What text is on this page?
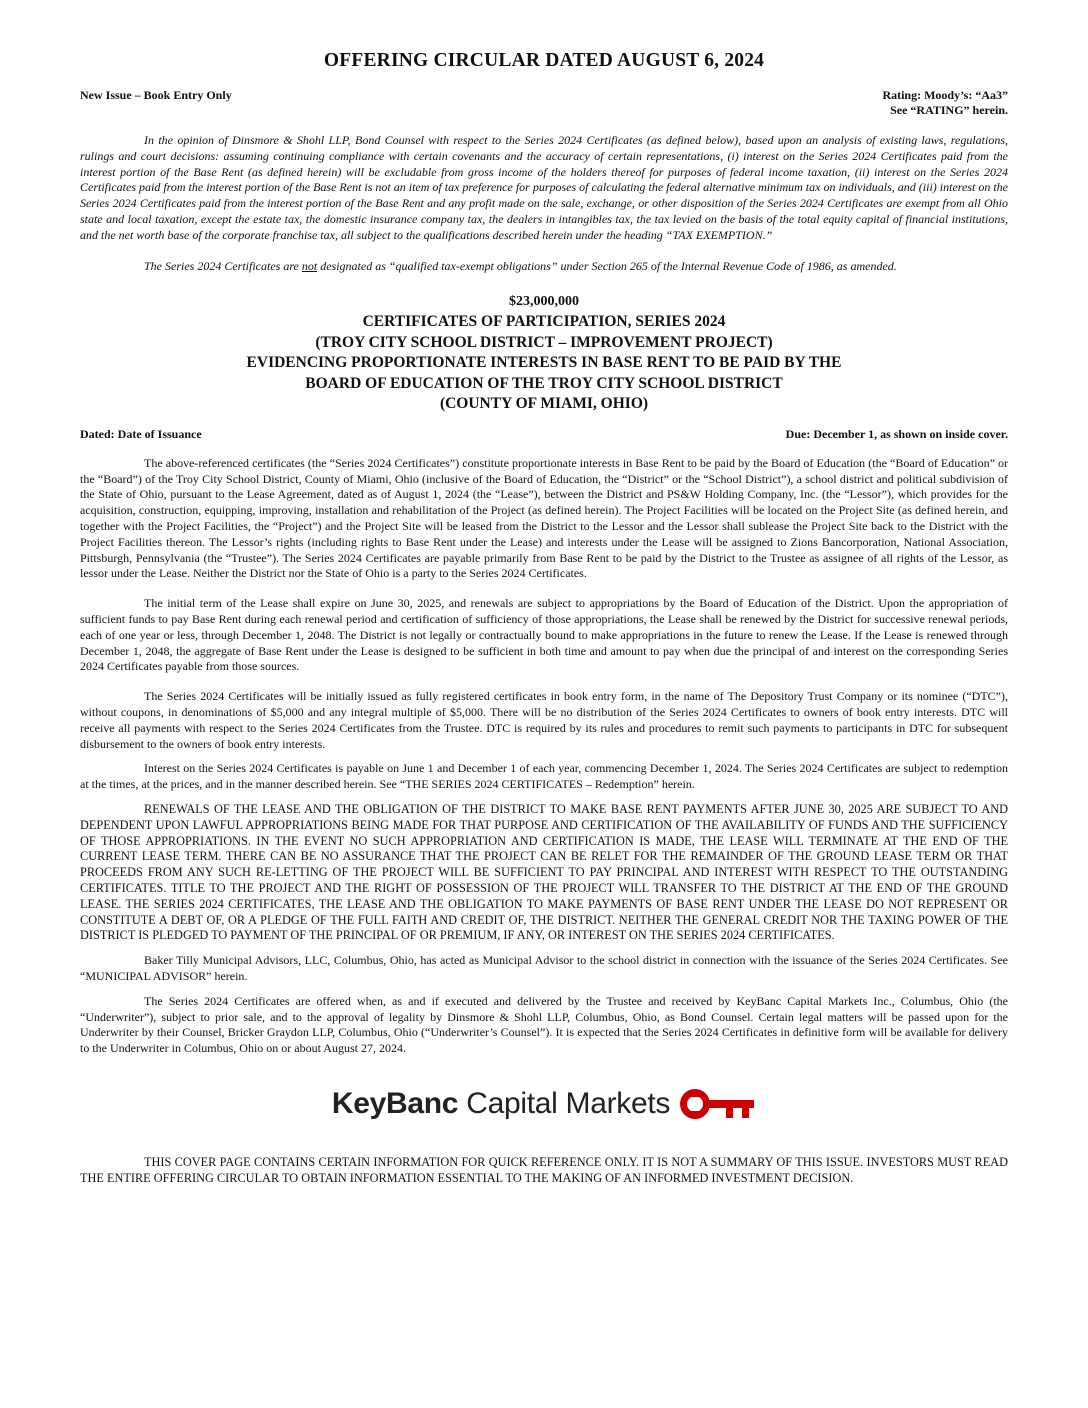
OFFERING CIRCULAR DATED AUGUST 6, 2024
New Issue – Book Entry Only	Rating: Moody’s: “Aa3”
See “RATING” herein.

In the opinion of Dinsmore & Shohl LLP, Bond Counsel with respect to the Series 2024 Certificates (as defined below), based upon an analysis of existing laws, regulations, rulings and court decisions: assuming continuing compliance with certain covenants and the accuracy of certain representations, (i) interest on the Series 2024 Certificates paid from the interest portion of the Base Rent (as defined herein) will be excludable from gross income of the holders thereof for purposes of federal income taxation, (ii) interest on the Series 2024 Certificates paid from the interest portion of the Base Rent is not an item of tax preference for purposes of calculating the federal alternative minimum tax on individuals, and (iii) interest on the Series 2024 Certificates paid from the interest portion of the Base Rent and any profit made on the sale, exchange, or other disposition of the Series 2024 Certificates are exempt from all Ohio state and local taxation, except the estate tax, the domestic insurance company tax, the dealers in intangibles tax, the tax levied on the basis of the total equity capital of financial institutions, and the net worth base of the corporate franchise tax, all subject to the qualifications described herein under the heading “TAX EXEMPTION.”

The Series 2024 Certificates are not designated as “qualified tax-exempt obligations” under Section 265 of the Internal Revenue Code of 1986, as amended.

$23,000,000
CERTIFICATES OF PARTICIPATION, SERIES 2024
(TROY CITY SCHOOL DISTRICT – IMPROVEMENT PROJECT)
EVIDENCING PROPORTIONATE INTERESTS IN BASE RENT TO BE PAID BY THE
BOARD OF EDUCATION OF THE TROY CITY SCHOOL DISTRICT
(COUNTY OF MIAMI, OHIO)
Dated: Date of Issuance	Due: December 1, as shown on inside cover.

The above-referenced certificates (the “Series 2024 Certificates”) constitute proportionate interests in Base Rent to be paid by the Board of Education (the “Board of Education” or the “Board”) of the Troy City School District, County of Miami, Ohio (inclusive of the Board of Education, the “District” or the “School District”), a school district and political subdivision of the State of Ohio, pursuant to the Lease Agreement, dated as of August 1, 2024 (the “Lease”), between the District and PS&W Holding Company, Inc. (the “Lessor”), which provides for the acquisition, construction, equipping, improving, installation and rehabilitation of the Project (as defined herein). The Project Facilities will be located on the Project Site (as defined herein, and together with the Project Facilities, the “Project”) and the Project Site will be leased from the District to the Lessor and the Lessor shall sublease the Project Site back to the District with the Project Facilities thereon. The Lessor’s rights (including rights to Base Rent under the Lease) and interests under the Lease will be assigned to Zions Bancorporation, National Association, Pittsburgh, Pennsylvania (the “Trustee”). The Series 2024 Certificates are payable primarily from Base Rent to be paid by the District to the Trustee as assignee of all rights of the Lessor, as lessor under the Lease. Neither the District nor the State of Ohio is a party to the Series 2024 Certificates.

The initial term of the Lease shall expire on June 30, 2025, and renewals are subject to appropriations by the Board of Education of the District. Upon the appropriation of sufficient funds to pay Base Rent during each renewal period and certification of sufficiency of those appropriations, the Lease shall be renewed by the District for successive renewal periods, each of one year or less, through December 1, 2048. The District is not legally or contractually bound to make appropriations in the future to renew the Lease. If the Lease is renewed through December 1, 2048, the aggregate of Base Rent under the Lease is designed to be sufficient in both time and amount to pay when due the principal of and interest on the corresponding Series 2024 Certificates payable from those sources.

The Series 2024 Certificates will be initially issued as fully registered certificates in book entry form, in the name of The Depository Trust Company or its nominee (“DTC”), without coupons, in denominations of $5,000 and any integral multiple of $5,000. There will be no distribution of the Series 2024 Certificates to owners of book entry interests. DTC will receive all payments with respect to the Series 2024 Certificates from the Trustee. DTC is required by its rules and procedures to remit such payments to participants in DTC for subsequent disbursement to the owners of book entry interests.

Interest on the Series 2024 Certificates is payable on June 1 and December 1 of each year, commencing December 1, 2024. The Series 2024 Certificates are subject to redemption at the times, at the prices, and in the manner described herein. See “THE SERIES 2024 CERTIFICATES – Redemption” herein.

RENEWALS OF THE LEASE AND THE OBLIGATION OF THE DISTRICT TO MAKE BASE RENT PAYMENTS AFTER JUNE 30, 2025 ARE SUBJECT TO AND DEPENDENT UPON LAWFUL APPROPRIATIONS BEING MADE FOR THAT PURPOSE AND CERTIFICATION OF THE AVAILABILITY OF FUNDS AND THE SUFFICIENCY OF THOSE APPROPRIATIONS. IN THE EVENT NO SUCH APPROPRIATION AND CERTIFICATION IS MADE, THE LEASE WILL TERMINATE AT THE END OF THE CURRENT LEASE TERM. THERE CAN BE NO ASSURANCE THAT THE PROJECT CAN BE RELET FOR THE REMAINDER OF THE GROUND LEASE TERM OR THAT PROCEEDS FROM ANY SUCH RE-LETTING OF THE PROJECT WILL BE SUFFICIENT TO PAY PRINCIPAL AND INTEREST WITH RESPECT TO THE OUTSTANDING CERTIFICATES. TITLE TO THE PROJECT AND THE RIGHT OF POSSESSION OF THE PROJECT WILL TRANSFER TO THE DISTRICT AT THE END OF THE GROUND LEASE. THE SERIES 2024 CERTIFICATES, THE LEASE AND THE OBLIGATION TO MAKE PAYMENTS OF BASE RENT UNDER THE LEASE DO NOT REPRESENT OR CONSTITUTE A DEBT OF, OR A PLEDGE OF THE FULL FAITH AND CREDIT OF, THE DISTRICT. NEITHER THE GENERAL CREDIT NOR THE TAXING POWER OF THE DISTRICT IS PLEDGED TO PAYMENT OF THE PRINCIPAL OF OR PREMIUM, IF ANY, OR INTEREST ON THE SERIES 2024 CERTIFICATES.

Baker Tilly Municipal Advisors, LLC, Columbus, Ohio, has acted as Municipal Advisor to the school district in connection with the issuance of the Series 2024 Certificates. See “MUNICIPAL ADVISOR” herein.

The Series 2024 Certificates are offered when, as and if executed and delivered by the Trustee and received by KeyBanc Capital Markets Inc., Columbus, Ohio (the “Underwriter”), subject to prior sale, and to the approval of legality by Dinsmore & Shohl LLP, Columbus, Ohio, as Bond Counsel. Certain legal matters will be passed upon for the Underwriter by their Counsel, Bricker Graydon LLP, Columbus, Ohio (“Underwriter’s Counsel”). It is expected that the Series 2024 Certificates in definitive form will be available for delivery to the Underwriter in Columbus, Ohio on or about August 27, 2024.

KeyBanc Capital Markets

THIS COVER PAGE CONTAINS CERTAIN INFORMATION FOR QUICK REFERENCE ONLY. IT IS NOT A SUMMARY OF THIS ISSUE. INVESTORS MUST READ THE ENTIRE OFFERING CIRCULAR TO OBTAIN INFORMATION ESSENTIAL TO THE MAKING OF AN INFORMED INVESTMENT DECISION.
